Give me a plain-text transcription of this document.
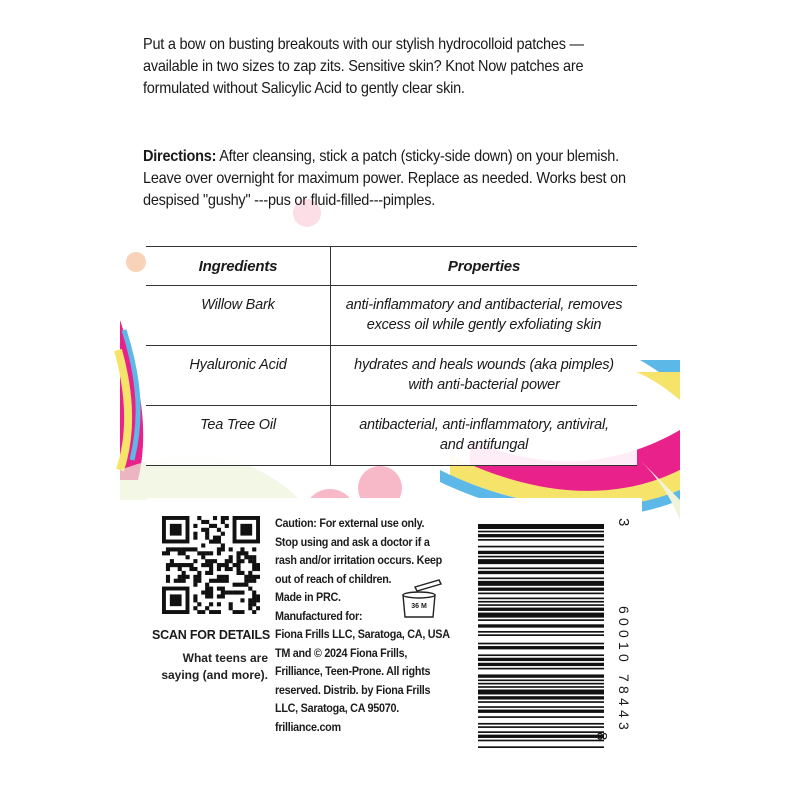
Put a bow on busting breakouts with our stylish hydrocolloid patches —
available in two sizes to zap zits. Sensitive skin? Knot Now patches are
formulated without Salicylic Acid to gently clear skin.
Directions: After cleansing, stick a patch (sticky-side down) on your blemish.
Leave over overnight for maximum power. Replace as needed. Works best on
despised "gushy" ---pus or fluid-filled---pimples.
Ingredients	Properties
Willow Bark	anti-inflammatory and antibacterial, removes
excess oil while gently exfoliating skin

Hyaluronic Acid	hydrates and heals wounds (aka pimples)
with anti-bacterial power

Tea Tree Oil	antibacterial, anti-inflammatory, antiviral,
and antifungal
SCAN FOR DETAILS
What teens are
saying (and more).
Caution: For external use only.
Stop using and ask a doctor if a
rash and/or irritation occurs. Keep
out of reach of children.
Made in PRC.
Manufactured for:
Fiona Frills LLC, Saratoga, CA, USA
TM and © 2024 Fiona Frills,
Frilliance, Teen-Prone. All rights
reserved. Distrib. by Fiona Frills
LLC, Saratoga, CA 95070.
frilliance.com
36 M
8
60010 78443
3
